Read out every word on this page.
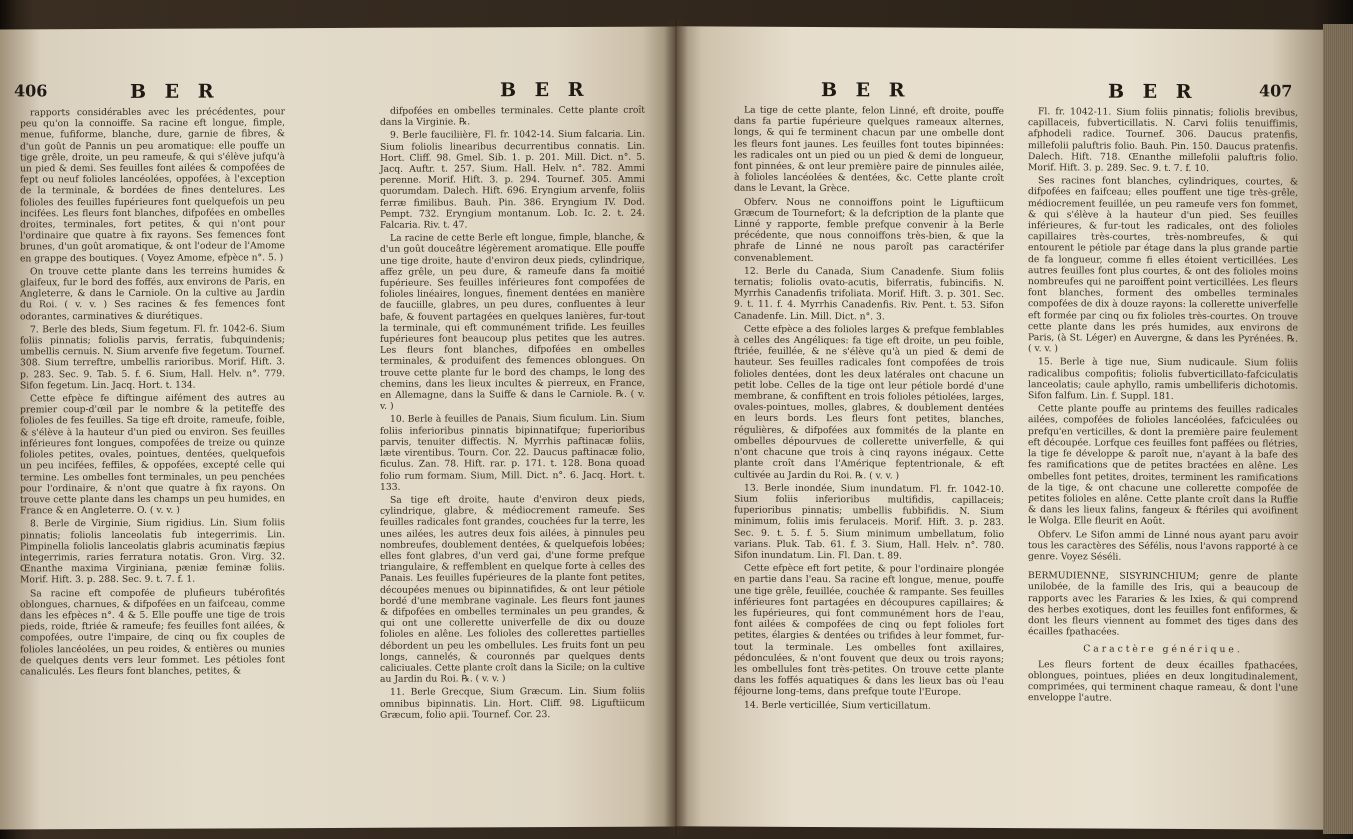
406	B E R	B E R

rapports considérables avec les précédentes, pour peu qu'on la connoiffe. Sa racine eft longue, fimple, menue, fufiforme, blanche, dure, garnie de fibres, & d'un goût de Pannis un peu aromatique: elle pouffe un tige grêle, droite, un peu rameufe, & qui s'élève jufqu'à un pied & demi. Ses feuilles font ailées & compofées de fept ou neuf folioles lancéolées, oppofées, à l'exception de la terminale, & bordées de fines dentelures. Les folioles des feuilles fupérieures font quelquefois un peu incifées. Les fleurs font blanches, difpofées en ombelles droites, terminales, fort petites, & qui n'ont pour l'ordinaire que quatre à fix rayons. Ses femences font brunes, d'un goût aromatique, & ont l'odeur de l'Amome en grappe des boutiques. ( Voyez Amome, efpèce n°. 5. )

On trouve cette plante dans les terreins humides & glaifeux, fur le bord des foffés, aux environs de Paris, en Angleterre, & dans le Carniole. On la cultive au Jardin du Roi. ( v. v. ) Ses racines & fes femences font odorantes, carminatives & diurétiques.

7. Berle des bleds, Sium fegetum. Fl. fr. 1042-6. Sium foliis pinnatis; foliolis parvis, ferratis, fubquindenis; umbellis cernuis. N. Sium arvenfe five fegetum. Tournef. 308. Sium terreftre, umbellis rarioribus. Morif. Hift. 3. p. 283. Sec. 9. Tab. 5. f. 6. Sium, Hall. Helv. n°. 779. Sifon fegetum. Lin. Jacq. Hort. t. 134.

Cette efpèce fe diftingue aifément des autres au premier coup-d'œil par le nombre & la petiteffe des folioles de fes feuilles. Sa tige eft droite, rameufe, foible, & s'élève à la hauteur d'un pied ou environ. Ses feuilles inférieures font longues, compofées de treize ou quinze folioles petites, ovales, pointues, dentées, quelquefois un peu incifées, feffiles, & oppofées, excepté celle qui termine. Les ombelles font terminales, un peu penchées pour l'ordinaire, & n'ont que quatre à fix rayons. On trouve cette plante dans les champs un peu humides, en France & en Angleterre. O. ( v. v. )

8. Berle de Virginie, Sium rigidius. Lin. Sium foliis pinnatis; foliolis lanceolatis fub integerrimis. Lin. Pimpinella foliolis lanceolatis glabris acuminatis fæpius integerrimis, raries ferratura notatis. Gron. Virg. 32. Œnanthe maxima Virginiana, pæniæ feminæ foliis. Morif. Hift. 3. p. 288. Sec. 9. t. 7. f. 1.

Sa racine eft compofée de plufieurs tubérofités oblongues, charnues, & difpofées en un faifceau, comme dans les efpèces n°. 4 & 5. Elle pouffe une tige de trois pieds, roide, ftriée & rameufe; fes feuilles font ailées, & compofées, outre l'impaire, de cinq ou fix couples de folioles lancéolées, un peu roides, & entières ou munies de quelques dents vers leur fommet. Les pétioles font canaliculés. Les fleurs font blanches, petites, &

difpofées en ombelles terminales. Cette plante croît dans la Virginie. ℞.

9. Berle fauciliière, Fl. fr. 1042-14. Sium falcaria. Lin. Sium foliolis linearibus decurrentibus connatis. Lin. Hort. Cliff. 98. Gmel. Sib. 1. p. 201. Mill. Dict. n°. 5. Jacq. Auftr. t. 257. Sium. Hall. Helv. n°. 782. Ammi perenne. Morif. Hift. 3. p. 294. Tournef. 305. Ammi quorumdam. Dalech. Hift. 696. Eryngium arvenfe, foliis ferræ fimilibus. Bauh. Pin. 386. Eryngium IV. Dod. Pempt. 732. Eryngium montanum. Lob. Ic. 2. t. 24. Falcaria. Riv. t. 47.

La racine de cette Berle eft longue, fimple, blanche, & d'un goût douceâtre légèrement aromatique. Elle pouffe une tige droite, haute d'environ deux pieds, cylindrique, affez grêle, un peu dure, & rameufe dans fa moitié fupérieure. Ses feuilles inférieures font compofées de folioles linéaires, longues, finement dentées en manière de fauciille, glabres, un peu dures, confluentes à leur bafe, & fouvent partagées en quelques lanières, fur-tout la terminale, qui eft communément trifide. Les feuilles fupérieures font beaucoup plus petites que les autres. Les fleurs font blanches, difpofées en ombelles terminales, & produifent des femences oblongues. On trouve cette plante fur le bord des champs, le long des chemins, dans les lieux incultes & pierreux, en France, en Allemagne, dans la Suiffe & dans le Carniole. ℞. ( v. v. )

10. Berle à feuilles de Panais, Sium ficulum. Lin. Sium foliis inferioribus pinnatis bipinnatifque; fuperioribus parvis, tenuiter diffectis. N. Myrrhis paftinacæ foliis, læte virentibus. Tourn. Cor. 22. Daucus paftinacæ folio, ficulus. Zan. 78. Hift. rar. p. 171. t. 128. Bona quoad folio rum formam. Sium, Mill. Dict. n°. 6. Jacq. Hort. t. 133.

Sa tige eft droite, haute d'environ deux pieds, cylindrique, glabre, & médiocrement rameufe. Ses feuilles radicales font grandes, couchées fur la terre, les unes ailées, les autres deux fois ailées, à pinnules peu nombreufes, doublement dentées, & quelquefois lobées; elles font glabres, d'un verd gai, d'une forme prefque triangulaire, & reffemblent en quelque forte à celles des Panais. Les feuilles fupérieures de la plante font petites, découpées menues ou bipinnatifides, & ont leur pétiole bordé d'une membrane vaginale. Les fleurs font jaunes & difpofées en ombelles terminales un peu grandes, & qui ont une collerette univerfelle de dix ou douze folioles en alêne. Les folioles des collerettes partielles débordent un peu les ombellules. Les fruits font un peu longs, cannelés, & couronnés par quelques dents caliciuales. Cette plante croît dans la Sicile; on la cultive au Jardin du Roi. ℞. ( v. v. )

11. Berle Grecque, Sium Græcum. Lin. Sium foliis omnibus bipinnatis. Lin. Hort. Cliff. 98. Liguftiicum Græcum, folio apii. Tournef. Cor. 23.

B E R	B E R	407

La tige de cette plante, felon Linné, eft droite, pouffe dans fa partie fupérieure quelques rameaux alternes, longs, & qui fe terminent chacun par une ombelle dont les fleurs font jaunes. Les feuilles font toutes bipinnées: les radicales ont un pied ou un pied & demi de longueur, font pinnées, & ont leur première paire de pinnules ailée, à folioles lancéolées & dentées, &c. Cette plante croît dans le Levant, la Grèce.

Obferv. Nous ne connoiffons point le Liguftiicum Græcum de Tournefort; & la defcription de la plante que Linné y rapporte, femble prefque convenir à la Berle précédente, que nous connoiffons très-bien, & que la phrafe de Linné ne nous paroît pas caractérifer convenablement.

12. Berle du Canada, Sium Canadenfe. Sium foliis ternatis; foliolis ovato-acutis, biferratis, fubincifis. N. Myrrhis Canadenfis trifoliata. Morif. Hift. 3. p. 301. Sec. 9. t. 11. f. 4. Myrrhis Canadenfis. Riv. Pent. t. 53. Sifon Canadenfe. Lin. Mill. Dict. n°. 3.

Cette efpèce a des folioles larges & prefque femblables à celles des Angéliques: fa tige eft droite, un peu foible, ftriée, feuillée, & ne s'élève qu'à un pied & demi de hauteur. Ses feuilles radicales font compofées de trois folioles dentées, dont les deux latérales ont chacune un petit lobe. Celles de la tige ont leur pétiole bordé d'une membrane, & confiftent en trois folioles pétiolées, larges, ovales-pointues, molles, glabres, & doublement dentées en leurs bords. Les fleurs font petites, blanches, régulières, & difpofées aux fommités de la plante en ombelles dépourvues de collerette univerfelle, & qui n'ont chacune que trois à cinq rayons inégaux. Cette plante croît dans l'Amérique feptentrionale, & eft cultivée au Jardin du Roi. ℞. ( v. v. )

13. Berle inondée, Sium inundatum. Fl. fr. 1042-10. Sium foliis inferioribus multifidis, capillaceis; fuperioribus pinnatis; umbellis fubbifidis. N. Sium minimum, foliis imis ferulaceis. Morif. Hift. 3. p. 283. Sec. 9. t. 5. f. 5. Sium minimum umbellatum, folio varians. Pluk. Tab. 61. f. 3. Sium, Hall. Helv. n°. 780. Sifon inundatum. Lin. Fl. Dan. t. 89.

Cette efpèce eft fort petite, & pour l'ordinaire plongée en partie dans l'eau. Sa racine eft longue, menue, pouffe une tige grêle, feuillée, couchée & rampante. Ses feuilles inférieures font partagées en découpures capillaires; & les fupérieures, qui font communément hors de l'eau, font ailées & compofées de cinq ou fept folioles fort petites, élargies & dentées ou trifides à leur fommet, fur-tout la terminale. Les ombelles font axillaires, pédonculées, & n'ont fouvent que deux ou trois rayons; les ombellules font très-petites. On trouve cette plante dans les foffés aquatiques & dans les lieux bas où l'eau féjourne long-tems, dans prefque toute l'Europe.

14. Berle verticillée, Sium verticillatum.

Fl. fr. 1042-11. Sium foliis pinnatis; foliolis brevibus, capillaceis, fubverticillatis. N. Carvi foliis tenuiffimis, afphodeli radice. Tournef. 306. Daucus pratenfis, millefolii paluftris folio. Bauh. Pin. 150. Daucus pratenfis. Dalech. Hift. 718. Œnanthe millefolii paluftris folio. Morif. Hift. 3. p. 289. Sec. 9. t. 7. f. 10.

Ses racines font blanches, cylindriques, courtes, & difpofées en faifceau; elles pouffent une tige très-grêle, médiocrement feuillée, un peu rameufe vers fon fommet, & qui s'élève à la hauteur d'un pied. Ses feuilles inférieures, & fur-tout les radicales, ont des folioles capillaires très-courtes, très-nombreufes, & qui entourent le pétiole par étage dans la plus grande partie de fa longueur, comme fi elles étoient verticillées. Les autres feuilles font plus courtes, & ont des folioles moins nombreufes qui ne paroiffent point verticillées. Les fleurs font blanches, forment des ombelles terminales compofées de dix à douze rayons: la collerette univerfelle eft formée par cinq ou fix folioles très-courtes. On trouve cette plante dans les prés humides, aux environs de Paris, (à St. Léger) en Auvergne, & dans les Pyrénées. ℞. ( v. v. )

15. Berle à tige nue, Sium nudicaule. Sium foliis radicalibus compofitis; foliolis fubverticillato-fafciculatis lanceolatis; caule aphyllo, ramis umbelliferis dichotomis. Sifon falfum. Lin. f. Suppl. 181.

Cette plante pouffe au printems des feuilles radicales ailées, compofées de folioles lancéolées, fafciculées ou prefqu'en verticilles, & dont la première paire feulement eft découpée. Lorfque ces feuilles font paffées ou flétries, la tige fe développe & paroît nue, n'ayant à la bafe des fes ramifications que de petites bractées en alêne. Les ombelles font petites, droites, terminent les ramifications de la tige, & ont chacune une collerette compofée de petites folioles en alêne. Cette plante croît dans la Ruffie & dans les lieux falins, fangeux & ftériles qui avoifinent le Wolga. Elle fleurit en Août.

Obferv. Le Sifon ammi de Linné nous ayant paru avoir tous les caractères des Séfélis, nous l'avons rapporté à ce genre. Voyez Séséli.

BERMUDIENNE, SISYRINCHIUM; genre de plante unilobée, de la famille des Iris, qui a beaucoup de rapports avec les Fararies & les Ixies, & qui comprend des herbes exotiques, dont les feuilles font enfiformes, & dont les fleurs viennent au fommet des tiges dans des écailles fpathacées.

Caractère générique.

Les fleurs fortent de deux écailles fpathacées, oblongues, pointues, pliées en deux longitudinalement, comprimées, qui terminent chaque rameau, & dont l'une enveloppe l'autre.
